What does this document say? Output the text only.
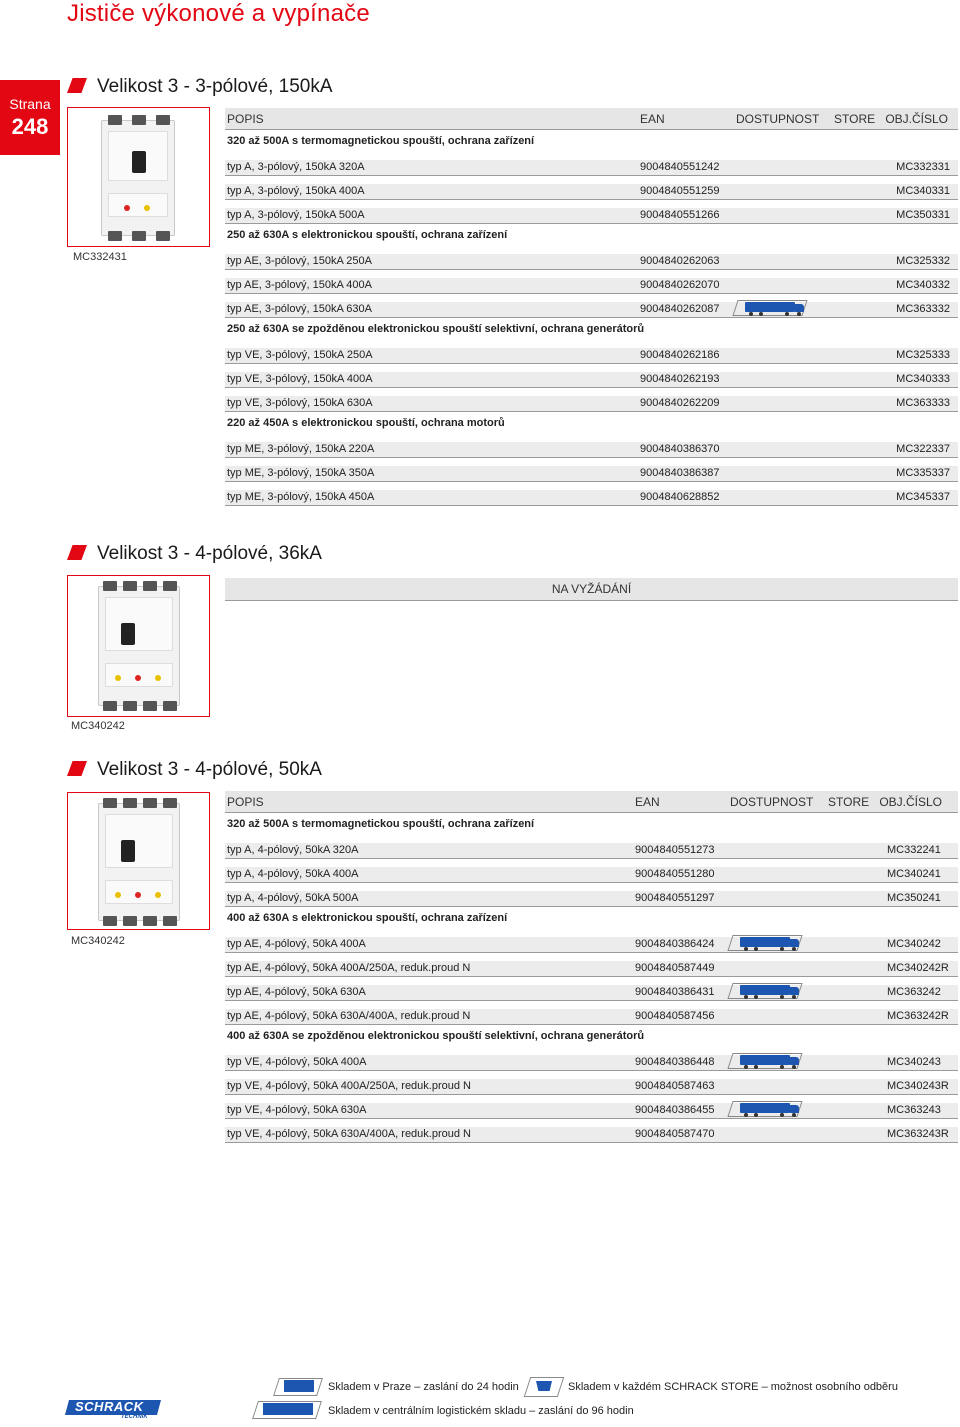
Jističe výkonové a vypínače
Strana
248
Velikost 3 - 3-pólové, 150kA
MC332431
POPIS	EAN	DOSTUPNOST STORE OBJ.ČÍSLO
320 až 500A s termomagnetickou spouští, ochrana zařízení
typ A, 3-pólový, 150kA 320A	9004840551242	MC332331
typ A, 3-pólový, 150kA 400A	9004840551259	MC340331
typ A, 3-pólový, 150kA 500A	9004840551266	MC350331
250 až 630A s elektronickou spouští, ochrana zařízení
typ AE, 3-pólový, 150kA 250A	9004840262063	MC325332
typ AE, 3-pólový, 150kA 400A	9004840262070	MC340332
typ AE, 3-pólový, 150kA 630A	9004840262087	MC363332
250 až 630A se zpožděnou elektronickou spouští selektivní, ochrana generátorů
typ VE, 3-pólový, 150kA 250A	9004840262186	MC325333
typ VE, 3-pólový, 150kA 400A	9004840262193	MC340333
typ VE, 3-pólový, 150kA 630A	9004840262209	MC363333
220 až 450A s elektronickou spouští, ochrana motorů
typ ME, 3-pólový, 150kA 220A	9004840386370	MC322337
typ ME, 3-pólový, 150kA 350A	9004840386387	MC335337
typ ME, 3-pólový, 150kA 450A	9004840628852	MC345337
Velikost 3 - 4-pólové, 36kA
MC340242
NA VYŽÁDÁNÍ
Velikost 3 - 4-pólové, 50kA
MC340242
POPIS	EAN	DOSTUPNOST STORE OBJ.ČÍSLO
320 až 500A s termomagnetickou spouští, ochrana zařízení
typ A, 4-pólový, 50kA 320A	9004840551273	MC332241
typ A, 4-pólový, 50kA 400A	9004840551280	MC340241
typ A, 4-pólový, 50kA 500A	9004840551297	MC350241
400 až 630A s elektronickou spouští, ochrana zařízení
typ AE, 4-pólový, 50kA 400A	9004840386424	MC340242
typ AE, 4-pólový, 50kA 400A/250A, reduk.proud N	9004840587449	MC340242R
typ AE, 4-pólový, 50kA 630A	9004840386431	MC363242
typ AE, 4-pólový, 50kA 630A/400A, reduk.proud N	9004840587456	MC363242R
400 až 630A se zpožděnou elektronickou spouští selektivní, ochrana generátorů
typ VE, 4-pólový, 50kA 400A	9004840386448	MC340243
typ VE, 4-pólový, 50kA 400A/250A, reduk.proud N	9004840587463	MC340243R
typ VE, 4-pólový, 50kA 630A	9004840386455	MC363243
typ VE, 4-pólový, 50kA 630A/400A, reduk.proud N	9004840587470	MC363243R
Skladem v Praze – zaslání do 24 hodin	Skladem v každém SCHRACK STORE – možnost osobního odběru
Skladem v centrálním logistickém skladu – zaslání do 96 hodin
SCHRACK
TECHNIK
